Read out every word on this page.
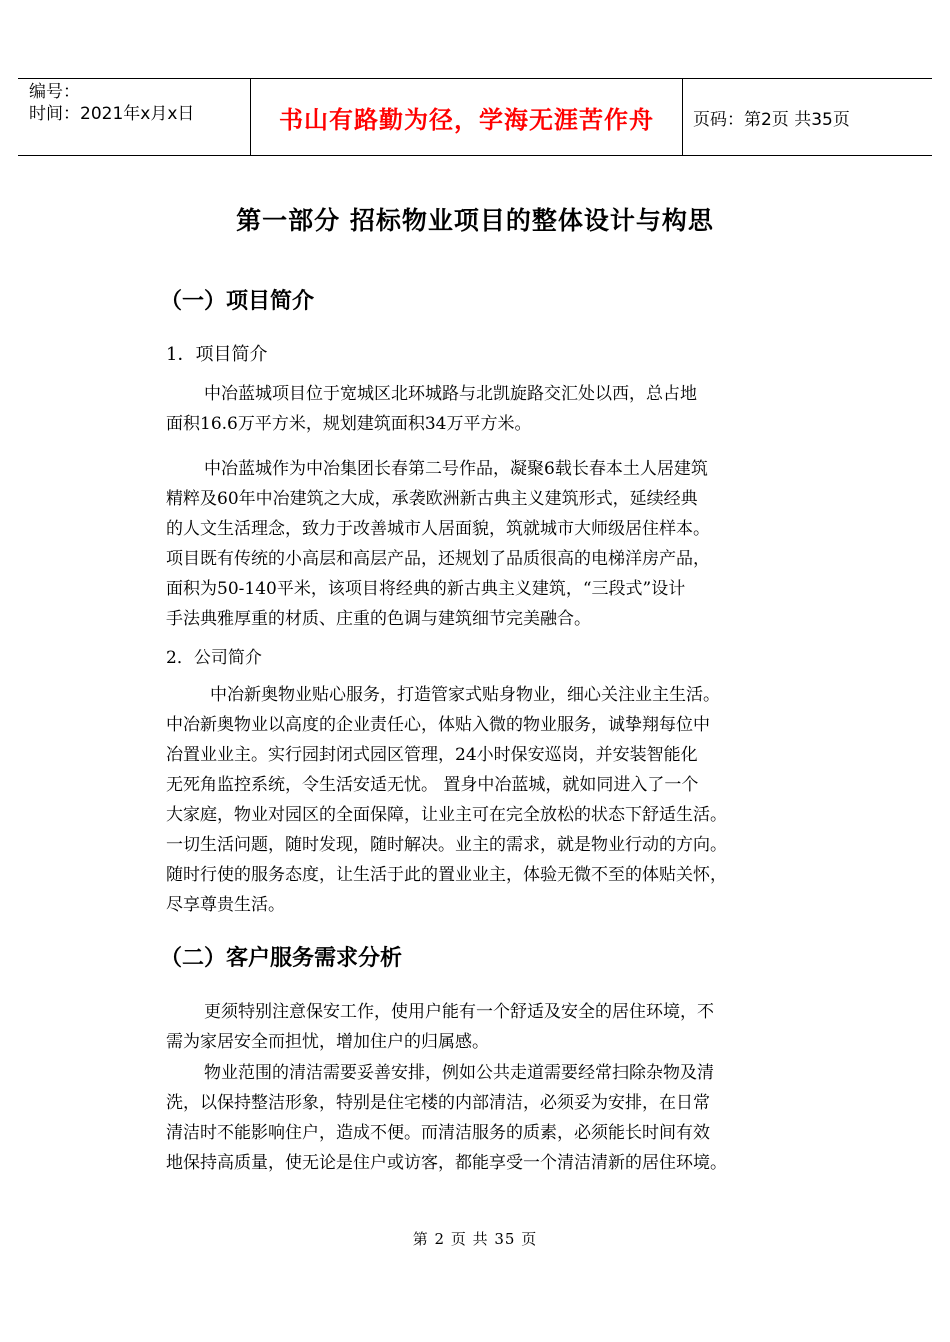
编号：
时间：2021年x月x日	书山有路勤为径，学海无涯苦作舟	页码：第2页 共35页
第一部分 招标物业项目的整体设计与构思
（一）项目简介
1．项目简介
中冶蓝城项目位于宽城区北环城路与北凯旋路交汇处以西，总占地
面积16.6万平方米，规划建筑面积34万平方米。
中冶蓝城作为中冶集团长春第二号作品，凝聚6载长春本土人居建筑
精粹及60年中冶建筑之大成，承袭欧洲新古典主义建筑形式，延续经典
的人文生活理念，致力于改善城市人居面貌，筑就城市大师级居住样本。
项目既有传统的小高层和高层产品，还规划了品质很高的电梯洋房产品，
面积为50-140平米，该项目将经典的新古典主义建筑，“三段式”设计
手法典雅厚重的材质、庄重的色调与建筑细节完美融合。
2．公司简介
中冶新奥物业贴心服务，打造管家式贴身物业，细心关注业主生活。
中冶新奥物业以高度的企业责任心，体贴入微的物业服务，诚挚翔每位中
冶置业业主。实行园封闭式园区管理，24小时保安巡岗，并安装智能化
无死角监控系统，令生活安适无忧。 置身中冶蓝城，就如同进入了一个
大家庭，物业对园区的全面保障，让业主可在完全放松的状态下舒适生活。
一切生活问题，随时发现，随时解决。业主的需求，就是物业行动的方向。
随时行使的服务态度，让生活于此的置业业主，体验无微不至的体贴关怀，
尽享尊贵生活。
（二）客户服务需求分析
更须特别注意保安工作，使用户能有一个舒适及安全的居住环境，不
需为家居安全而担忧，增加住户的归属感。
物业范围的清洁需要妥善安排，例如公共走道需要经常扫除杂物及清
洗，以保持整洁形象，特别是住宅楼的内部清洁，必须妥为安排，在日常
清洁时不能影响住户，造成不便。而清洁服务的质素，必须能长时间有效
地保持高质量，使无论是住户或访客，都能享受一个清洁清新的居住环境。
第 2 页 共 35 页
